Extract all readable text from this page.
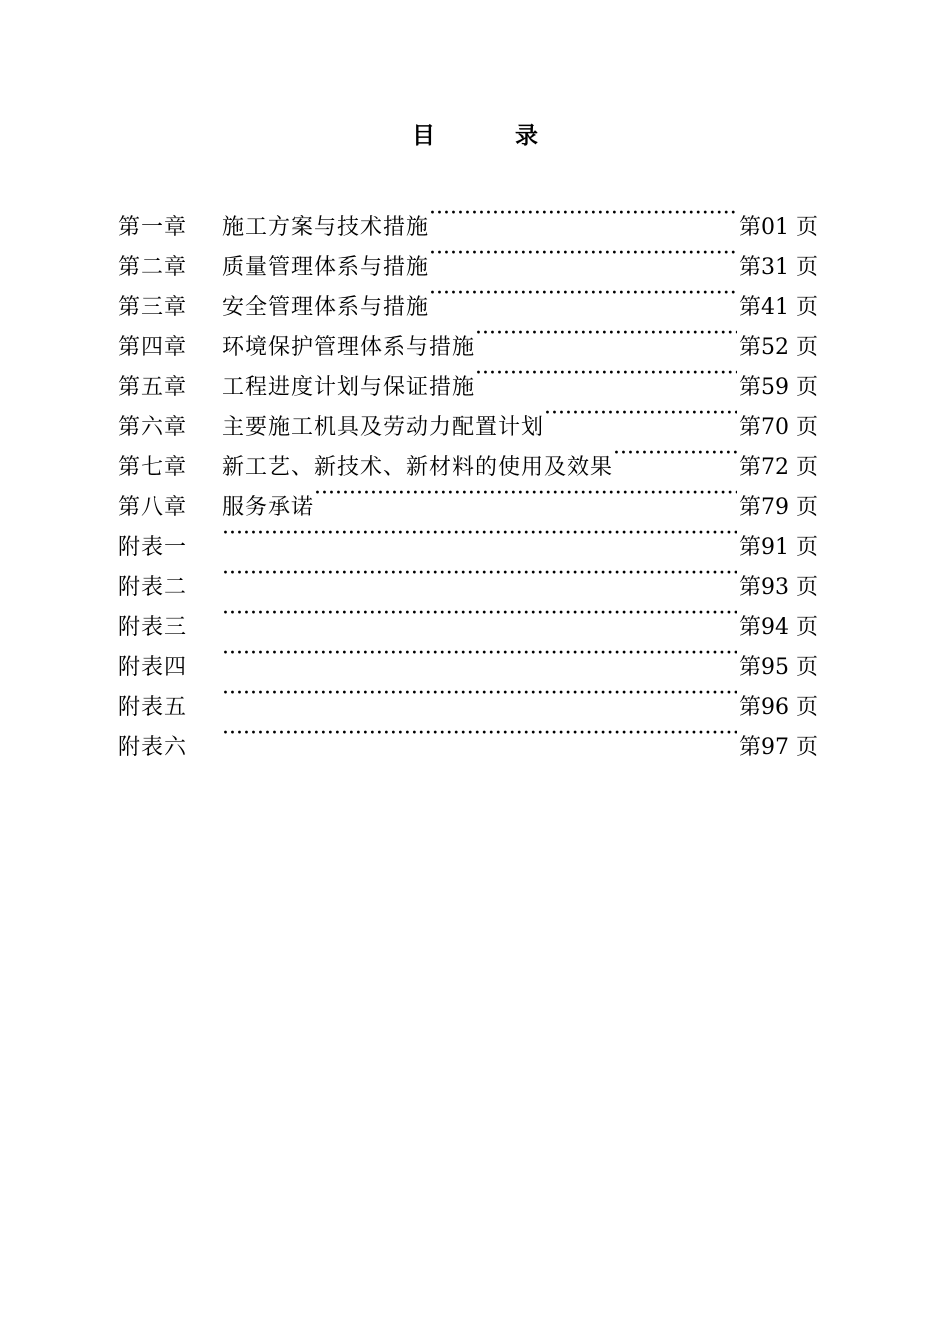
目 录
第一章	施工方案与技术措施 ·····	第01 页
第二章	质量管理体系与措施 ·····	第31 页
第三章	安全管理体系与措施 ·····	第41 页
第四章	环境保护管理体系与措施 ·····	第52 页
第五章	工程进度计划与保证措施 ·····	第59 页
第六章	主要施工机具及劳动力配置计划 ·····	第70 页
第七章	新工艺、新技术、新材料的使用及效果 ·····	第72 页
第八章	服务承诺 ·····	第79 页
附表一 ·····	第91 页
附表二 ·····	第93 页
附表三 ·····	第94 页
附表四 ·····	第95 页
附表五 ·····	第96 页
附表六 ·····	第97 页
